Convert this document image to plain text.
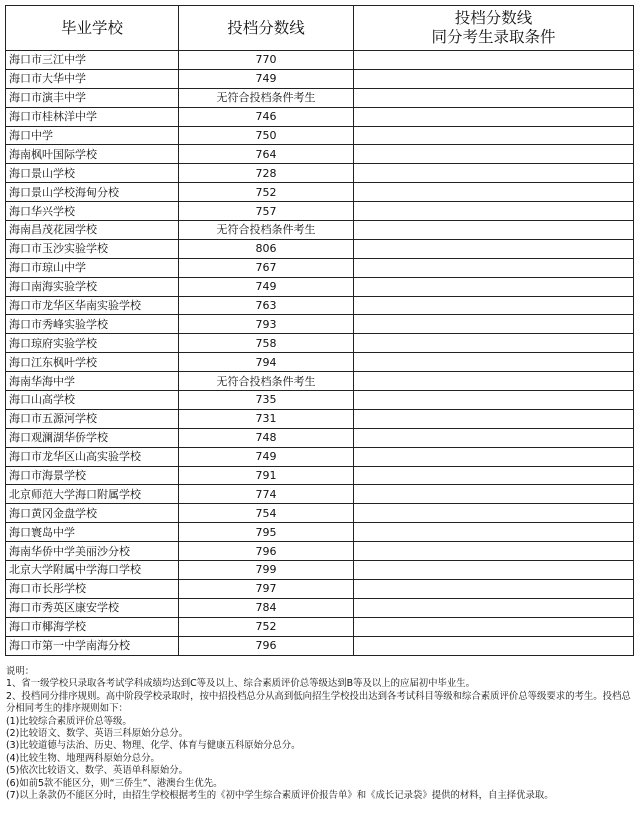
毕业学校	投档分数线	投档分数线
同分考生录取条件

海口市三江中学	770	
海口市大华中学	749	
海口市演丰中学	无符合投档条件考生	
海口市桂林洋中学	746	
海口中学	750	
海南枫叶国际学校	764	
海口景山学校	728	
海口景山学校海甸分校	752	
海口华兴学校	757	
海南昌茂花园学校	无符合投档条件考生	
海口市玉沙实验学校	806	
海口市琼山中学	767	
海口南海实验学校	749	
海口市龙华区华南实验学校	763	
海口市秀峰实验学校	793	
海口琼府实验学校	758	
海口江东枫叶学校	794	
海南华海中学	无符合投档条件考生	
海口山高学校	735	
海口市五源河学校	731	
海口观澜湖华侨学校	748	
海口市龙华区山高实验学校	749	
海口市海景学校	791	
北京师范大学海口附属学校	774	
海口黄冈金盘学校	754	
海口寰岛中学	795	
海南华侨中学美丽沙分校	796	
北京大学附属中学海口学校	799	
海口市长彤学校	797	
海口市秀英区康安学校	784	
海口市椰海学校	752	
海口市第一中学南海分校	796	

说明：

1、省一级学校只录取各考试学科成绩均达到C等及以上、综合素质评价总等级达到B等及以上的应届初中毕业生。

2、投档同分排序规则。高中阶段学校录取时，按中招投档总分从高到低向招生学校投出达到各考试科目等级和综合素质评价总等级要求的考生。投档总分相同考生的排序规则如下：

(1)比较综合素质评价总等级。

(2)比较语文、数学、英语三科原始分总分。

(3)比较道德与法治、历史、物理、化学、体育与健康五科原始分总分。

(4)比较生物、地理两科原始分总分。

(5)依次比较语文、数学、英语单科原始分。

(6)如前5款不能区分，则“三侨生”、港澳台生优先。

(7)以上条款仍不能区分时，由招生学校根据考生的《初中学生综合素质评价报告单》和《成长记录袋》提供的材料，自主择优录取。
